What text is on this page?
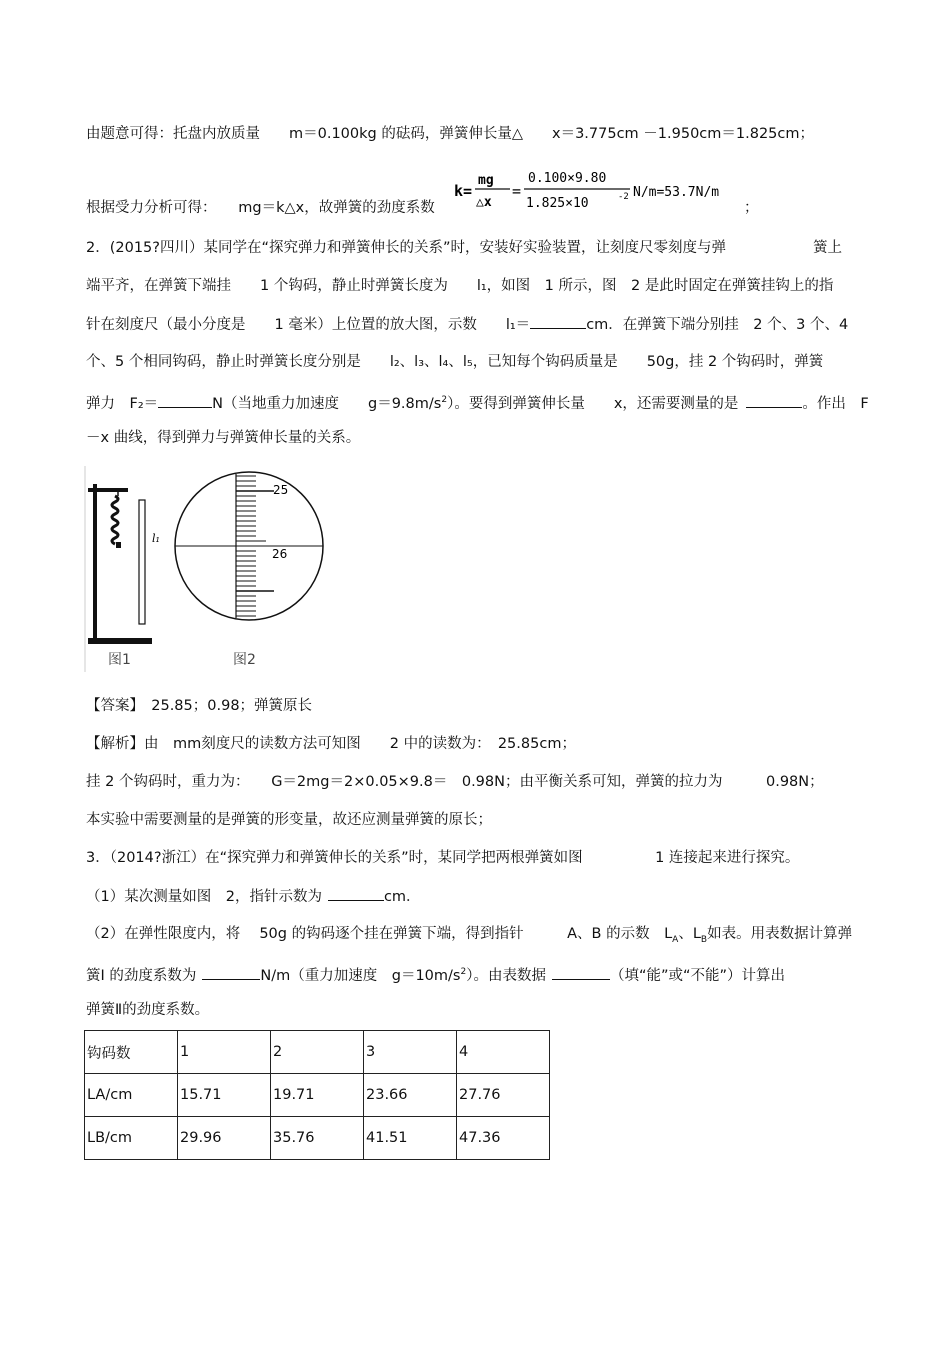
由题意可得：托盘内放质量　　m＝0.100kg 的砝码，弹簧伸长量△　　x＝3.775cm －1.950cm＝1.825cm；
根据受力分析可得：　　mg＝k△x，故弹簧的劲度系数	；
k=
mg
△x
=
0.100×9.80
1.825×10	-2 N/m=53.7N/m
2．(2015?四川）某同学在“探究弹力和弹簧伸长的关系”时，安装好实验装置，让刻度尺零刻度与弹　　　　　　簧上
端平齐，在弹簧下端挂　　1 个钩码，静止时弹簧长度为　　l₁，如图　1 所示，图　2 是此时固定在弹簧挂钩上的指
针在刻度尺（最小分度是　　1 毫米）上位置的放大图，示数　　l₁＝	cm．在弹簧下端分别挂　2 个、3 个、4
个、5 个相同钩码，静止时弹簧长度分别是　　l₂、l₃、l₄、l₅，已知每个钩码质量是　　50g，挂 2 个钩码时，弹簧
弹力　F₂＝	N（当地重力加速度　　$g=9.8m/s^2$）。要得到弹簧伸长量　　x，还需要测量的是	。作出　F
－x 曲线，得到弹力与弹簧伸长量的关系。
l₁
图1
25
26
图2
【答案】　25.85；0.98；弹簧原长
【解析】由　mm刻度尺的读数方法可知图　　2 中的读数为：　25.85cm；
挂 2 个钩码时，重力为：　　G＝2mg＝2×0.05×9.8＝　0.98N；由平衡关系可知，弹簧的拉力为　　　0.98N；
本实验中需要测量的是弹簧的形变量，故还应测量弹簧的原长；
3．（2014?浙江）在“探究弹力和弹簧伸长的关系”时，某同学把两根弹簧如图　　　　　1 连接起来进行探究。
（1）某次测量如图　2，指针示数为	cm．
（2）在弹性限度内，将　 50g 的钩码逐个挂在弹簧下端，得到指针　　　A、B 的示数　$L_A$、$L_B$如表。用表数据计算弹
簧Ⅰ 的劲度系数为	N/m（重力加速度　$g=10m/s^2$）。由表数据	（填“能”或“不能”）计算出
弹簧Ⅱ的劲度系数。
钩码数	1	2	3	4
LA/cm	15.71	19.71	23.66	27.76
LB/cm	29.96	35.76	41.51	47.36
